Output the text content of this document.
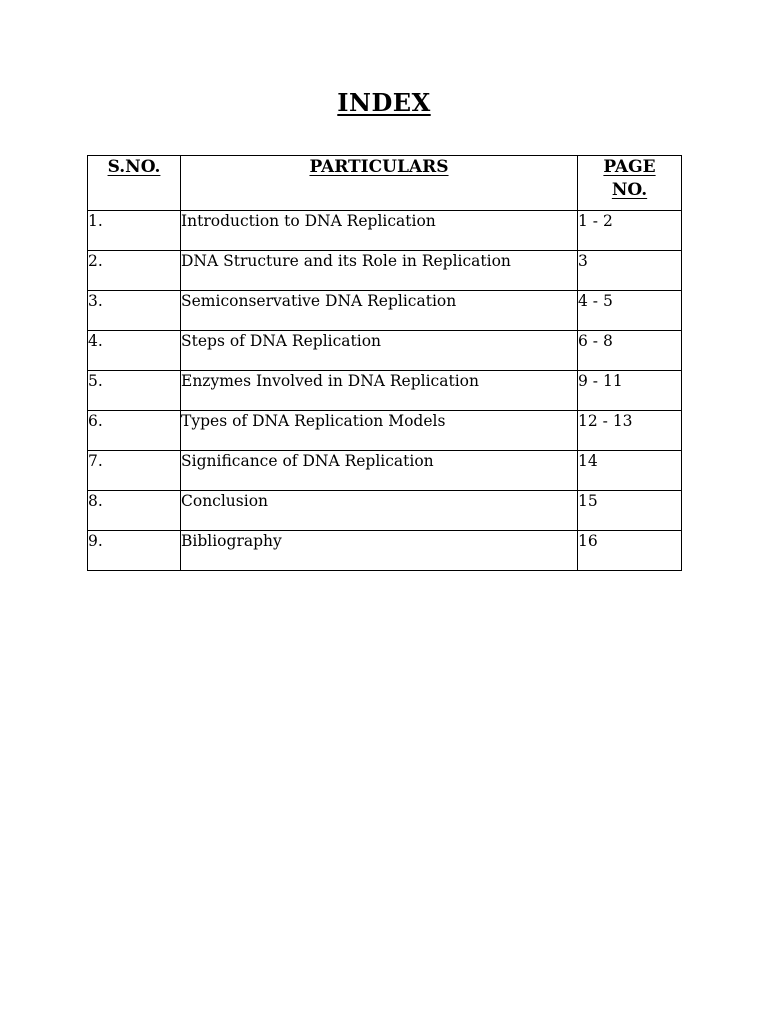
INDEX
S.NO.	PARTICULARS	PAGE
NO.

1.	Introduction to DNA Replication	1 - 2
2.	DNA Structure and its Role in Replication	3
3.	Semiconservative DNA Replication	4 - 5
4.	Steps of DNA Replication	6 - 8
5.	Enzymes Involved in DNA Replication	9 - 11
6.	Types of DNA Replication Models	12 - 13
7.	Significance of DNA Replication	14
8.	Conclusion	15
9.	Bibliography	16
